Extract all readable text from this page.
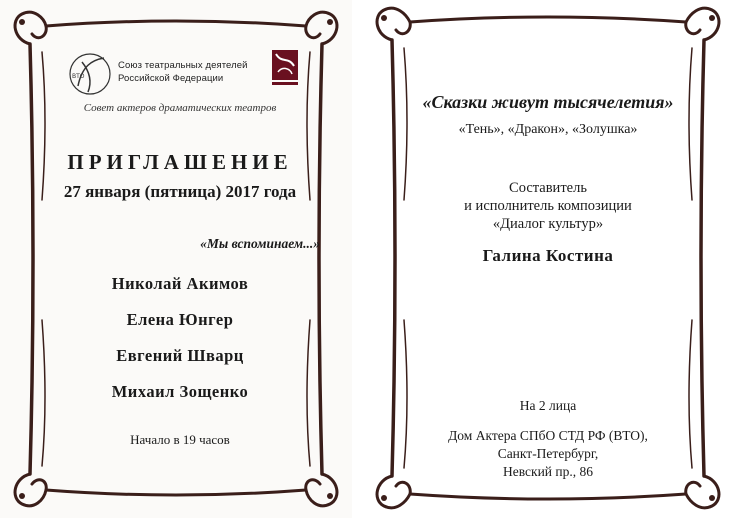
ВТО
Союз театральных деятелей
Российской Федерации
Совет актеров драматических театров
ПРИГЛАШЕНИЕ
27 января (пятница) 2017 года
«Мы вспоминаем...»
Николай Акимов
Елена Юнгер
Евгений Шварц
Михаил Зощенко
Начало в 19 часов
«Сказки живут тысячелетия»
«Тень», «Дракон», «Золушка»
Составитель
и исполнитель композиции
«Диалог культур»
Галина Костина
На 2 лица
Дом Актера СПбО СТД РФ (ВТО),
Санкт-Петербург,
Невский пр., 86
